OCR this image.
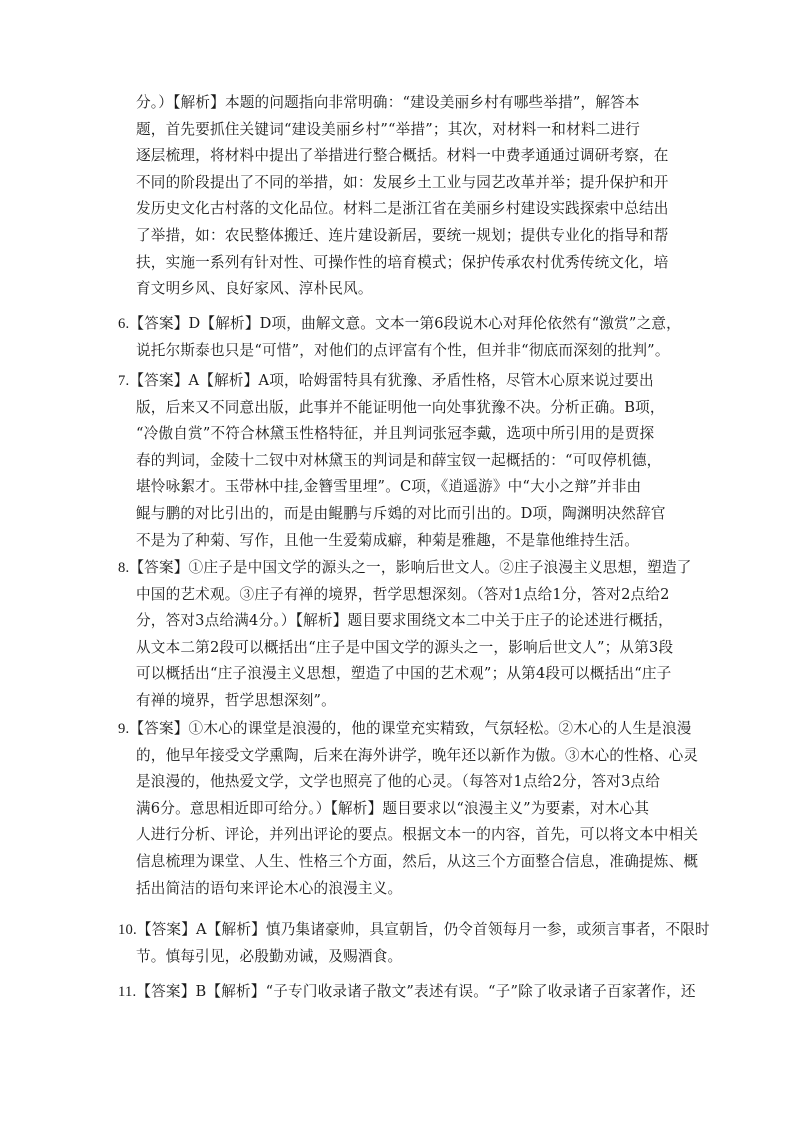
分。）【解析】本题的问题指向非常明确：“建设美丽乡村有哪些举措”，解答本
题，首先要抓住关键词“建设美丽乡村”“举措”；其次，对材料一和材料二进行
逐层梳理，将材料中提出了举措进行整合概括。材料一中费孝通通过调研考察，在
不同的阶段提出了不同的举措，如：发展乡土工业与园艺改革并举；提升保护和开
发历史文化古村落的文化品位。材料二是浙江省在美丽乡村建设实践探索中总结出
了举措，如：农民整体搬迁、连片建设新居，要统一规划；提供专业化的指导和帮
扶，实施一系列有针对性、可操作性的培育模式；保护传承农村优秀传统文化，培
育文明乡风、良好家风、淳朴民风。
6.【答案】D【解析】D项，曲解文意。文本一第6段说木心对拜伦依然有“激赏”之意，
说托尔斯泰也只是“可惜”，对他们的点评富有个性，但并非“彻底而深刻的批判”。
7.【答案】A【解析】A项，哈姆雷特具有犹豫、矛盾性格，尽管木心原来说过要出
版，后来又不同意出版，此事并不能证明他一向处事犹豫不决。分析正确。B项，
“冷傲自赏”不符合林黛玉性格特征，并且判词张冠李戴，选项中所引用的是贾探
春的判词，金陵十二钗中对林黛玉的判词是和薛宝钗一起概括的：“可叹停机德，
堪怜咏絮才。玉带林中挂,金簪雪里埋”。C项，《逍遥游》中“大小之辩”并非由
鲲与鹏的对比引出的，而是由鲲鹏与斥鴳的对比而引出的。D项，陶渊明决然辞官
不是为了种菊、写作，且他一生爱菊成癖，种菊是雅趣，不是靠他维持生活。
8.【答案】①庄子是中国文学的源头之一，影响后世文人。②庄子浪漫主义思想，塑造了
中国的艺术观。③庄子有禅的境界，哲学思想深刻。（答对1点给1分，答对2点给2
分，答对3点给满4分。）【解析】题目要求围绕文本二中关于庄子的论述进行概括，
从文本二第2段可以概括出“庄子是中国文学的源头之一，影响后世文人”；从第3段
可以概括出“庄子浪漫主义思想，塑造了中国的艺术观”；从第4段可以概括出“庄子
有禅的境界，哲学思想深刻”。
9.【答案】①木心的课堂是浪漫的，他的课堂充实精致，气氛轻松。②木心的人生是浪漫
的，他早年接受文学熏陶，后来在海外讲学，晚年还以新作为傲。③木心的性格、心灵
是浪漫的，他热爱文学，文学也照亮了他的心灵。（每答对1点给2分，答对3点给
满6分。意思相近即可给分。）【解析】题目要求以“浪漫主义”为要素，对木心其
人进行分析、评论，并列出评论的要点。根据文本一的内容，首先，可以将文本中相关
信息梳理为课堂、人生、性格三个方面，然后，从这三个方面整合信息，准确提炼、概
括出简洁的语句来评论木心的浪漫主义。
10.【答案】A【解析】慎乃集诸豪帅，具宣朝旨，仍令首领每月一参，或须言事者，不限时
节。慎每引见，必殷勤劝诫，及赐酒食。
11.【答案】B【解析】“子专门收录诸子散文”表述有误。“子”除了收录诸子百家著作，还
